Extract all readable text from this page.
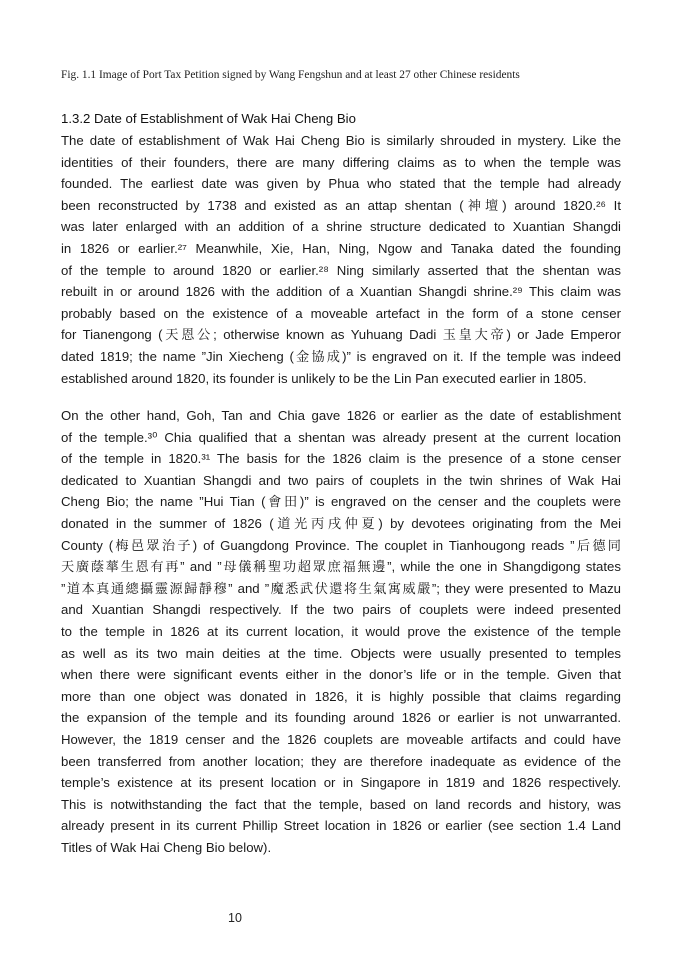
Fig. 1.1 Image of Port Tax Petition signed by Wang Fengshun and at least 27 other Chinese residents
1.3.2 Date of Establishment of Wak Hai Cheng Bio
The date of establishment of Wak Hai Cheng Bio is similarly shrouded in mystery. Like the
identities of their founders, there are many differing claims as to when the temple was
founded. The earliest date was given by Phua who stated that the temple had already
been reconstructed by 1738 and existed as an attap shentan (神壇) around 1820.²⁶ It
was later enlarged with an addition of a shrine structure dedicated to Xuantian Shangdi
in 1826 or earlier.²⁷ Meanwhile, Xie, Han, Ning, Ngow and Tanaka dated the founding
of the temple to around 1820 or earlier.²⁸ Ning similarly asserted that the shentan was
rebuilt in or around 1826 with the addition of a Xuantian Shangdi shrine.²⁹ This claim was
probably based on the existence of a moveable artefact in the form of a stone censer
for Tianengong (天恩公; otherwise known as Yuhuang Dadi 玉皇大帝) or Jade Emperor
dated 1819; the name ”Jin Xiecheng (金協成)” is engraved on it. If the temple was indeed
established around 1820, its founder is unlikely to be the Lin Pan executed earlier in 1805.
On the other hand, Goh, Tan and Chia gave 1826 or earlier as the date of establishment
of the temple.³⁰ Chia qualified that a shentan was already present at the current location
of the temple in 1820.³¹ The basis for the 1826 claim is the presence of a stone censer
dedicated to Xuantian Shangdi and two pairs of couplets in the twin shrines of Wak Hai
Cheng Bio; the name ”Hui Tian (會田)” is engraved on the censer and the couplets were
donated in the summer of 1826 (道光丙戌仲夏) by devotees originating from the Mei
County (梅邑眾治子) of Guangdong Province. The couplet in Tianhougong reads ”后德同
天廣蔭蕐生恩有再” and ”母儀稱聖功超眾庶福無邊”, while the one in Shangdigong states
”道本真通總攝靈源歸靜穆” and ”魔悉武伏還将生氣寓威嚴”; they were presented to Mazu
and Xuantian Shangdi respectively. If the two pairs of couplets were indeed presented
to the temple in 1826 at its current location, it would prove the existence of the temple
as well as its two main deities at the time. Objects were usually presented to temples
when there were significant events either in the donor’s life or in the temple. Given that
more than one object was donated in 1826, it is highly possible that claims regarding
the expansion of the temple and its founding around 1826 or earlier is not unwarranted.
However, the 1819 censer and the 1826 couplets are moveable artifacts and could have
been transferred from another location; they are therefore inadequate as evidence of the
temple’s existence at its present location or in Singapore in 1819 and 1826 respectively.
This is notwithstanding the fact that the temple, based on land records and history, was
already present in its current Phillip Street location in 1826 or earlier (see section 1.4 Land
Titles of Wak Hai Cheng Bio below).
10
